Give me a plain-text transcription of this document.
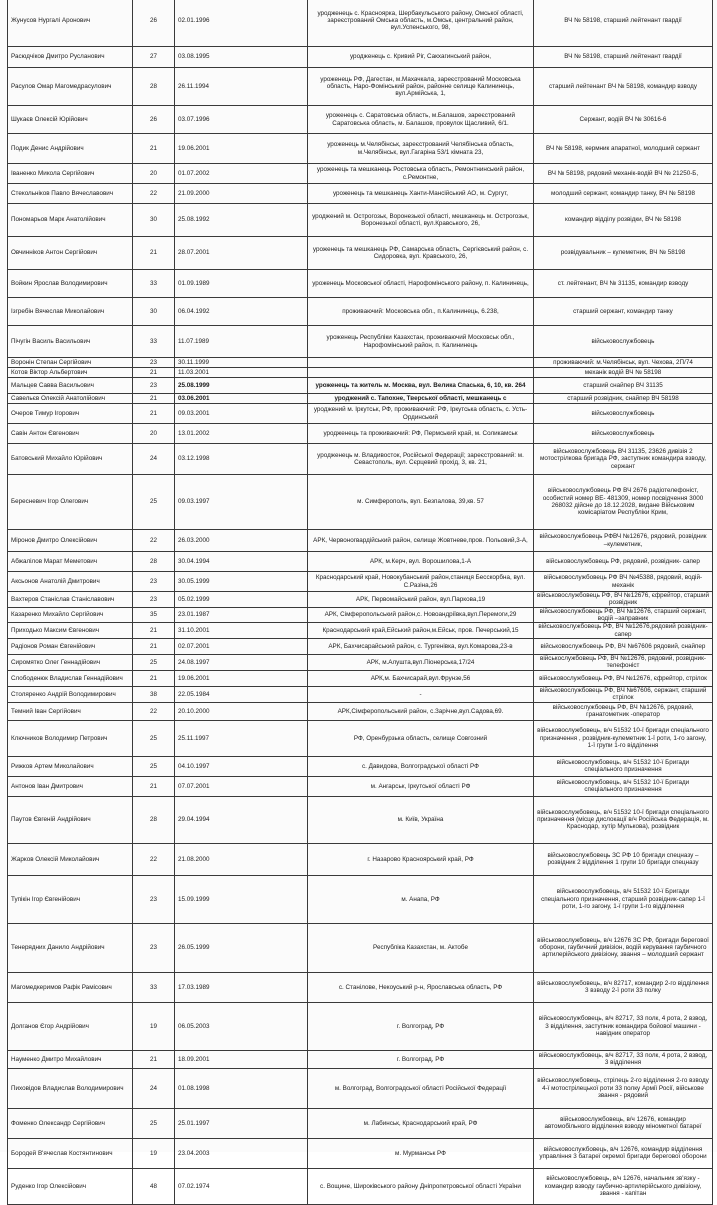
Жунусов Нургалі Аронович	26	02.01.1996	уродженець с. Красноярка, Шербакульського району, Омської області, зареєстрований Омська область, м.Омськ, центральний район, вул.Успенського, 98,	ВЧ № 58198, старший лейтенант гвардії
Расюдчіков Дмитро Русланович	27	03.08.1995	уродженець с. Кривий Ріг, Сакхагинський район,	ВЧ № 58198, старший лейтенант гвардії
Расулов Омар Магомедрасулович	28	26.11.1994	уроженець РФ, Дагестан, м.Махачкала, зареєстрований Московська область, Наро-Фомінський район, районне селище Калининець, вул.Армійська, 1,	старший лейтенант ВЧ № 58198, командир взводу
Шукаєв Олексій Юрійович	26	03.07.1996	уроженець с. Саратовська область, м.Балашов, зареєстрований Саратовська область, м. Балашов, провулок Щасливий, 6/1.	Сержант, водій ВЧ № 30616-6
Подик Денис Андрійович	21	19.06.2001	уроженець м.Челябінськ, зареєстрований Челябінська область, м.Челябінськ, вул.Гагаріна 53/1 кімната 23,	ВЧ № 58198, кермник апаратної, молодший сержант
Іваненко Микола Сергійович	20	01.07.2002	уроженець та мешканець Ростовська область, Ремонтнинський район, с.Ремонтне,	ВЧ № 58198, рядовий механік-водій ВЧ № 21250-Б,
Стекольніков Павло Вячеславович	22	21.09.2000	уроженець та мешканець Ханти-Мансійський АО, м. Сургут,	молодший сержант, командир танку, ВЧ № 58198
Пономарьов Марк Анатолійович	30	25.08.1992	уроджений м. Острогозьк, Воронезької області, мешканець м. Острогозьк, Воронезької області, вул.Кравського, 26,	командир відділу розвідки, ВЧ № 58198
Овчинніков Антон Сергійович	21	28.07.2001	уроженець та мешканець РФ, Самарська область, Сергієвський район, с. Сидоровка, вул. Кравського, 26,	розвідувальник – кулеметник, ВЧ № 58198
Войкин Ярослав Володимирович	33	01.09.1989	уроженець Московської області, Нарофомінського району, п. Калининець,	ст. лейтенант, ВЧ № 31135, командир взводу
Ізгребін Вячеслав Миколайович	30	06.04.1992	проживаючий: Московська обл., п.Калининець, 6.238,	старший сержант, командир танку
Пічугін Василь Васильович	33	11.07.1989	уроженець Республіки Казахстан, проживаючий Московськ обл., Нарофомінський район, п. Калининець	військовослужбовець
Воронін Степан Сергійович	23	30.11.1999		проживаючий: м.Челябінськ, вул. Чехова, 2П/74
Котов Віктор Альбертович	21	11.03.2001		механік водій ВЧ № 58198
Мальцев Савва Васильович	23	25.08.1999	уроженець та житель м. Москва, вул. Велика Спаська, 6, 10, кв. 264	старший снайпер ВЧ 31135
Савельєв Олексій Анатолійович	21	03.06.2001	уроджений с. Тапохне, Тверської області, мешканець с	старший розвідник, снайпер ВЧ 58198
Очеров Тимур Ігорович	21	09.03.2001	уроджений м. Іркутськ, РФ, проживаючий: РФ, Іркутська область, с. Усть-Ординський	військовослужбовець
Савін Антон Євгенович	20	13.01.2002	уродженець та проживаючий: РФ, Пермський край, м. Соликамськ	військовослужбовець
Батовський Михайло Юрійович	24	03.12.1998	уродженець м. Владивосток, Російської Федерації; зареєстрований: м. Севастополь, вул. Сєрцевий прохід, 3, кв. 21,	військовослужбовець ВЧ 31135, 23626 дивізія 2 мотострілкова бригада РФ, заступник командира взводу, сержант
Бересневич Ігор Олегович	25	09.03.1997	м. Симферополь, вул. Безпалова, 39,кв. 57	військовослужбовець РФ ВЧ 2676 радіотелефоніст, особистий номер ВЕ- 481309, номер посвідчення 3000 268032 дійсне до 18.12.2028, видане Військовим комісаріатом Республіки Крим,
Міронов Дмитро Олексійович	22	26.03.2000	АРК, Червоногвардійський район, селище Жовтневе,пров. Польовий,3-А,	військовослужбовець РФВЧ №12676, рядовий, розвідник –кулеметник,
Абжалілов Марат Меметович	28	30.04.1994	АРК, м.Керч, вул. Ворошилова,1-А	військовослужбовець РФ, рядовий, розвідник- сапер
Аксьонов Анатолій Дмитрович	23	30.05.1999	Краснодарський край, Новокубанський район,станиця Бесскорбна, вул. С.Разіна,26	військовослужбовець РФ ВЧ №45388, рядовий, водій-механік
Вахтеров Станіслав Станіславович	23	05.02.1999	АРК, Первомайський район, вул.Паркова,19	військовослужбовець РФ, ВЧ №12676, єфрейтор, старший розвідник
Казаренко Михайло Сергійович	35	23.01.1987	АРК, Сімферопольський район,с. Новоандріївка,вул.Перемоги,29	військовослужбовець РФ, ВЧ №12676, старший сержант, водій –заправник
Приходько Максим Євгенович	21	31.10.2001	Краснодарський край,Ейський район,м.Ейськ, пров. Печерський,15	військовослужбовець РФ, ВЧ №12676,рядовий розвідник- сапер
Радіонов Роман Євгенійович	21	02.07.2001	АРК, Бахчисарайський район, с. Тургенівка, вул.Комарова,23-в	військовослужбовець РФ, ВЧ №67606 рядовий, снайпер
Сиромятко Олег Геннадійович	25	24.08.1997	АРК, м.Алушта,вул.Піонерська,17/24	військослужбовець РФ, ВЧ №12676, рядовий, розвідник- телефоніст
Слободенюк Владислав Геннадійович	21	19.06.2001	АРК,м. Бахчисарай,вул.Фрунзе,56	військовослужбовець РФ, ВЧ №12676, єфрейтор, стрілок
Столяренко Андрій Володимирович	38	22.05.1984	-	військовослужбовець РФ, ВЧ №67606, сержант, старший стрілок
Темний Іван Сергійович	22	20.10.2000	АРК,Сімферопольський район, с.Зарічне,вул.Садова,69.	військовослужбовець РФ, ВЧ №12676, рядовий, гранатометник -оператор
Ключников Володимир Петрович	25	25.11.1997	РФ, Оренбурзька область, селище Совгозний	військовослужбовець, в/ч 51532 10-ї бригади спеціального призначення , розвідник-кулеметник 1-ї роти, 1-го загону, 1-ї групи 1-го відділення
Рижков Артем Миколайович	25	04.10.1997	с. Давидова, Волгоградської області РФ	військовослужбовець, в/ч 51532 10-ї Бригади спеціального призначення
Антонов Іван Дмитрович	21	07.07.2001	м. Ангарськ, Іркутської області РФ	військовослужбовець, в/ч 51532 10-ї Бригади спеціального призначення
Паутов Євгеній Андрійович	28	29.04.1994	м. Київ, Україна	військовослужбовець, в/ч 51532 10-ї бригади спеціального призначення (місце дислокації в/ч Російська Федерація, м. Краснодар, хутір Мулькова), розвідник
Жарков Олексій Миколайович	22	21.08.2000	г. Назарово Красноярський край, РФ	військовослужбовець ЗС РФ 10 бригади спецназу – розвідник 2 відділення 1 групи 10 бригади спецназу
Тупікін Ігор Євгенійович	23	15.09.1999	м. Анапа, РФ	військовослужбовець, в/ч 51532 10-ї Бригади спеціального призначення, старший розвідник-сапер 1-ї роти, 1-го загону, 1-ї групи 1-го відділення
Тенерядних Данило Андрійович	23	26.05.1999	Республіка Казахстан, м. Актобе	військовослужбовець, в/ч 12676 ЗС РФ, бригади берегової оборони, гаубичний дивізіон, водій керування гаубичного артилерійського дивізіону, звання – молодший сержант
Магомедкеримов Рафік Рамісович	33	17.03.1989	с. Станілове, Некоуський р-н, Ярославська область, РФ	військовослужбовець, в/ч 82717, командир 2-го відділення 3 взводу 2-ї роти 33 полку
Долганов Єгор Андрійович	19	06.05.2003	г. Волгоград, РФ	військовослужбовець, в/ч 82717, 33 полк, 4 рота, 2 взвод, 3 відділення, заступник командира бойової машини - навідник оператор
Науменко Дмитро Михайлович	21	18.09.2001	г. Волгоград, РФ	військовослужбовець, в/ч 82717, 33 полк, 4 рота, 2 взвод, 3 відділення
Пиховідов Владислав Володимирович	24	01.08.1998	м. Волгоград, Волгоградської області Російської Федерації	військовослужбовець, стрілець 2-го відділення 2-го взводу 4-ї мотострілецької роти 33 полку Армії Росії, військове звання - рядовий
Фоменко Олександр Сергійович	25	25.01.1997	м. Лабинськ, Краснодарський край, РФ	військовослужбовець, в/ч 12676, командир автомобільного відділення взводу мінометної батареї
Бородей В'ячеслав Костянтинович	19	23.04.2003	м. Мурманськ РФ	військовослужбовець, в/ч 12676, командир відділення управління 3 батареї окремої бригади берегової оборони
Руденко Ігор Олексійович	48	07.02.1974	с. Вощине, Широківського району Дніпропетровської області України	військовослужбовець, в/ч 12676, начальник зв'язку - командир взводу гаубично-артилерійського дивізіону, звання - капітан
